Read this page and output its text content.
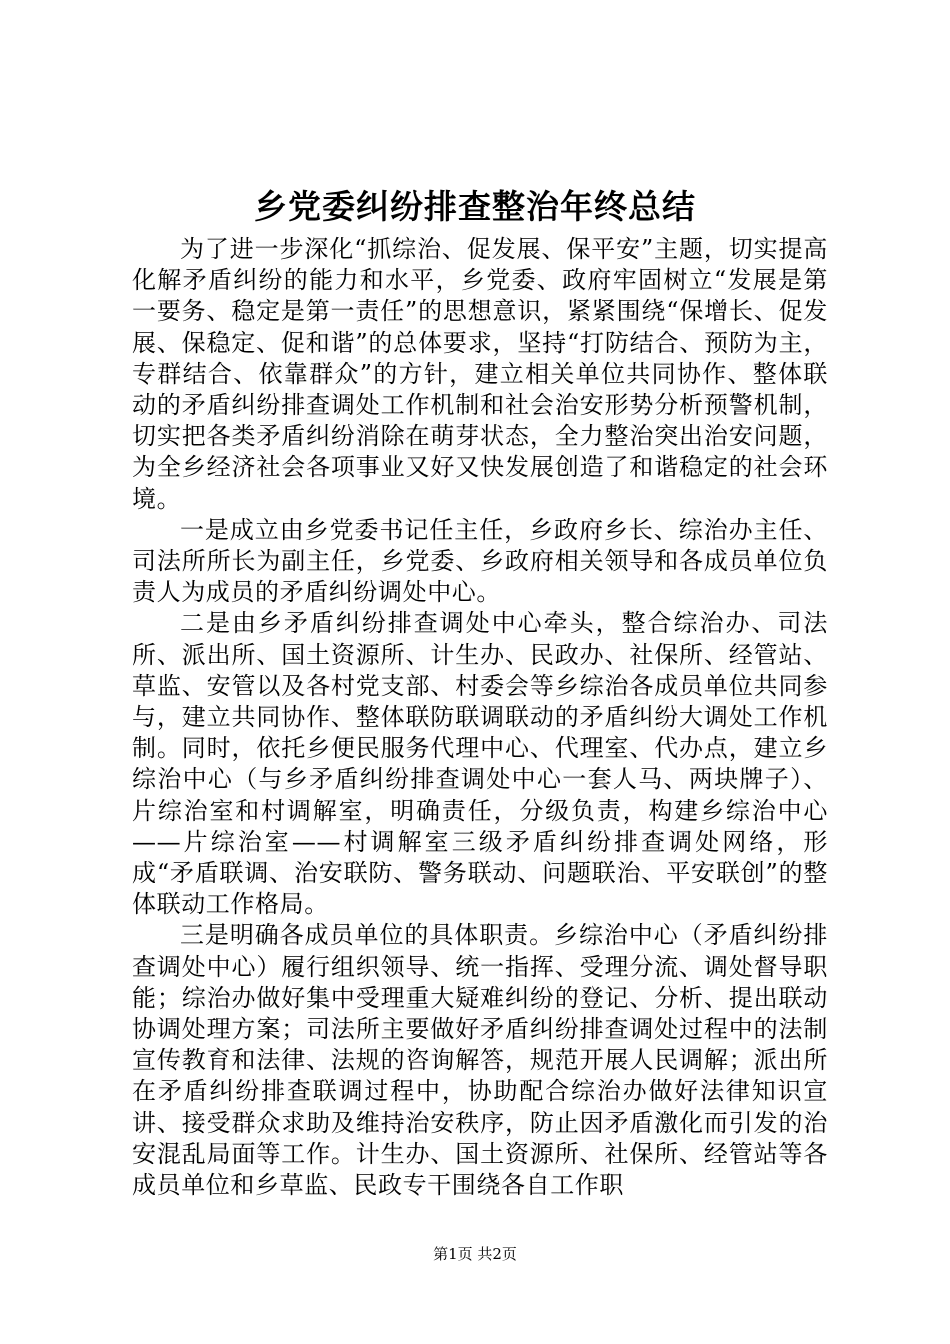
乡党委纠纷排查整治年终总结

为了进一步深化“抓综治、促发展、保平安”主题，切实提高化解矛盾纠纷的能力和水平，乡党委、政府牢固树立“发展是第一要务、稳定是第一责任”的思想意识，紧紧围绕“保增长、促发展、保稳定、促和谐”的总体要求，坚持“打防结合、预防为主，专群结合、依靠群众”的方针，建立相关单位共同协作、整体联动的矛盾纠纷排查调处工作机制和社会治安形势分析预警机制，切实把各类矛盾纠纷消除在萌芽状态，全力整治突出治安问题，为全乡经济社会各项事业又好又快发展创造了和谐稳定的社会环境。

一是成立由乡党委书记任主任，乡政府乡长、综治办主任、司法所所长为副主任，乡党委、乡政府相关领导和各成员单位负责人为成员的矛盾纠纷调处中心。

二是由乡矛盾纠纷排查调处中心牵头，整合综治办、司法所、派出所、国土资源所、计生办、民政办、社保所、经管站、草监、安管以及各村党支部、村委会等乡综治各成员单位共同参与，建立共同协作、整体联防联调联动的矛盾纠纷大调处工作机制。同时，依托乡便民服务代理中心、代理室、代办点，建立乡综治中心（与乡矛盾纠纷排查调处中心一套人马、两块牌子）、片综治室和村调解室，明确责任，分级负责，构建乡综治中心——片综治室——村调解室三级矛盾纠纷排查调处网络，形成“矛盾联调、治安联防、警务联动、问题联治、平安联创”的整体联动工作格局。

三是明确各成员单位的具体职责。乡综治中心（矛盾纠纷排查调处中心）履行组织领导、统一指挥、受理分流、调处督导职能；综治办做好集中受理重大疑难纠纷的登记、分析、提出联动协调处理方案；司法所主要做好矛盾纠纷排查调处过程中的法制宣传教育和法律、法规的咨询解答，规范开展人民调解；派出所在矛盾纠纷排查联调过程中，协助配合综治办做好法律知识宣讲、接受群众求助及维持治安秩序，防止因矛盾激化而引发的治安混乱局面等工作。计生办、国土资源所、社保所、经管站等各成员单位和乡草监、民政专干围绕各自工作职

第1页 共2页
